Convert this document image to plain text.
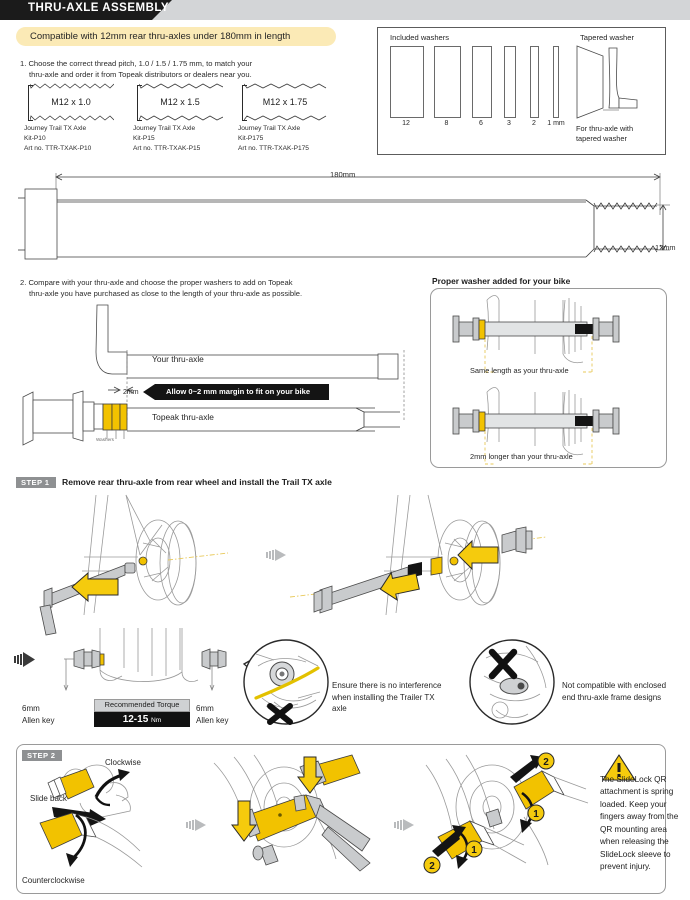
THRU-AXLE ASSEMBLY
Compatible with 12mm rear thru-axles under 180mm in length
1. Choose the correct thread pitch, 1.0 / 1.5 / 1.75 mm, to match your
thru-axle and order it from Topeak distributors or dealers near you.
M12 x 1.0
Journey Trail TX Axle
Kit-P10
Art no. TTR-TXAK-P10
M12 x 1.5
Journey Trail TX Axle
Kit-P15
Art no. TTR-TXAK-P15
M12 x 1.75
Journey Trail TX Axle
Kit-P175
Art no. TTR-TXAK-P175
Included washers	Tapered washer
12	8	6	3	2	1 mm
For thru-axle with
tapered washer
180mm
12mm
2. Compare with your thru-axle and choose the proper washers to add on Topeak
thru-axle you have purchased as close to the length of your thru-axle as possible.
Your thru-axle
Topeak thru-axle
2mm	Allow 0~2 mm margin to fit on your bike
Washers
Proper washer added for your bike
Same length as your thru-axle
2mm longer than your thru-axle
STEP 1	Remove rear thru-axle from rear wheel and install the Trail TX axle
Recommended Torque
12-15 Nm
6mm
Allen key
6mm
Allen key
Ensure there is no interference when installing the Trailer TX axle
Not compatible with enclosed end thru-axle frame designs
STEP 2
Clockwise
Slide back
Counterclockwise
1
2
1
2
The SlideLock QR attachment is spring loaded. Keep your fingers away from the QR mounting area when releasing the SlideLock sleeve to prevent injury.
